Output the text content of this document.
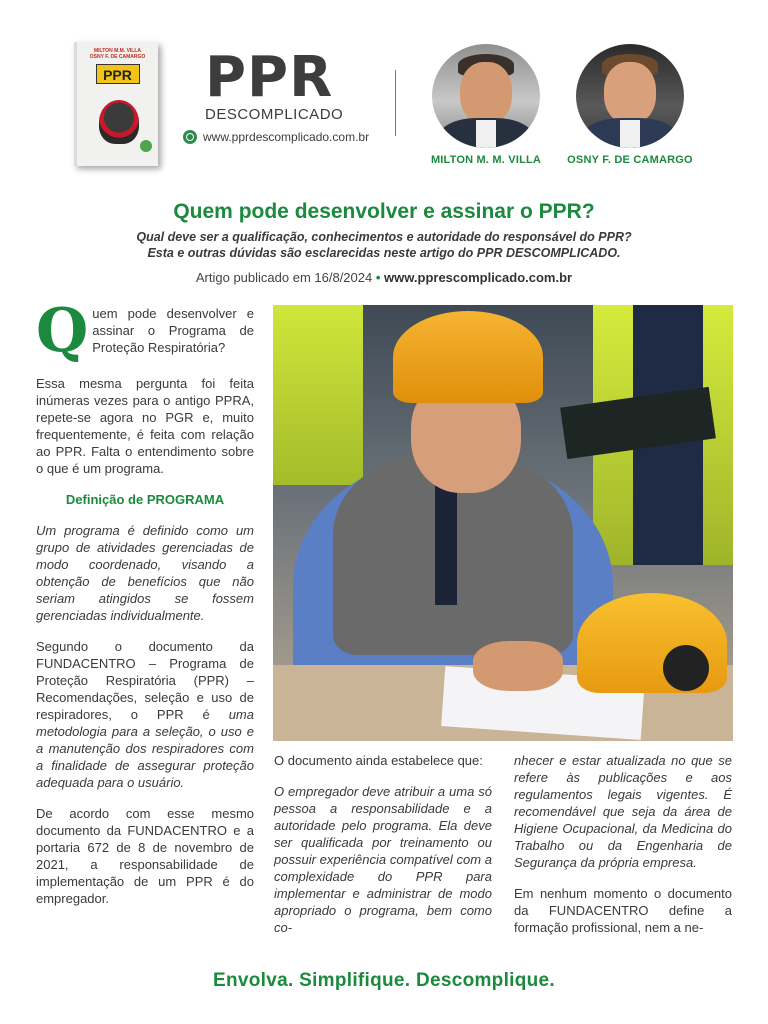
MILTON M.M. VILLA
OSNY F. DE CAMARGO
PPR PPR
DESCOMPLICADO
www.pprdescomplicado.com.br
MILTON M. M. VILLA	OSNY F. DE CAMARGO
Quem pode desenvolver e assinar o PPR?
Qual deve ser a qualificação, conhecimentos e autoridade do responsável do PPR?
Esta e outras dúvidas são esclarecidas neste artigo do PPR DESCOMPLICADO.
Artigo publicado em 16/8/2024 • www.pprescomplicado.com.br

Q uem pode desenvolver e assinar o Programa de Proteção Respiratória?

Essa mesma pergunta foi feita inúmeras vezes para o antigo PPRA, repete-se agora no PGR e, muito frequentemente, é feita com relação ao PPR. Falta o entendimento sobre o que é um programa.

Definição de PROGRAMA

Um programa é definido como um grupo de atividades gerenciadas de modo coordenado, visando a obtenção de benefícios que não seriam atingidos se fossem gerenciadas individualmente.

Segundo o documento da FUNDACENTRO – Programa de Proteção Respiratória (PPR) – Recomendações, seleção e uso de respiradores, o PPR é uma metodologia para a seleção, o uso e a manutenção dos respiradores com a finalidade de assegurar proteção adequada para o usuário.

De acordo com esse mesmo documento da FUNDACENTRO e a portaria 672 de 8 de novembro de 2021, a responsabilidade de implementação de um PPR é do empregador.

O documento ainda estabelece que:

O empregador deve atribuir a uma só pessoa a responsabilidade e a autoridade pelo programa. Ela deve ser qualificada por treinamento ou possuir experiência compatível com a complexidade do PPR para implementar e administrar de modo apropriado o programa, bem como co-

nhecer e estar atualizada no que se refere às publicações e aos regulamentos legais vigentes. É recomendável que seja da área de Higiene Ocupacional, da Medicina do Trabalho ou da Engenharia de Segurança da própria empresa.

Em nenhum momento o documento da FUNDACENTRO define a formação profissional, nem a ne-

Envolva. Simplifique. Descomplique.
